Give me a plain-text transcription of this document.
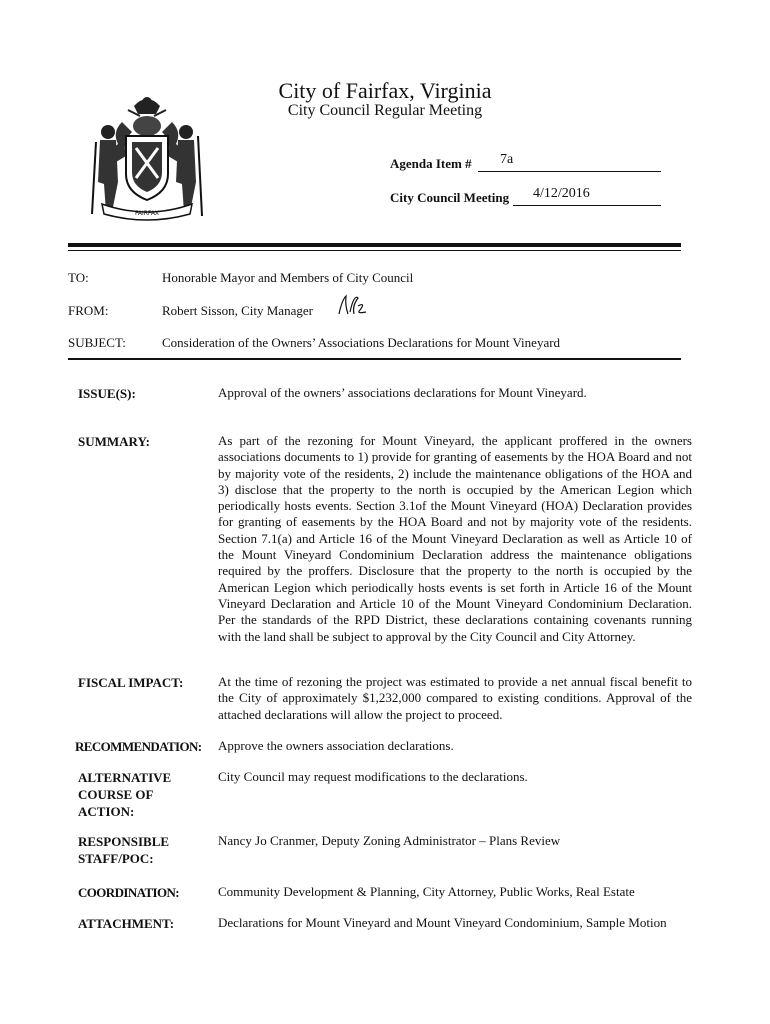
City of Fairfax, Virginia
City Council Regular Meeting
FAIRFAX
Agenda Item # 7a
City Council Meeting 4/12/2016
TO:	Honorable Mayor and Members of City Council
FROM:	Robert Sisson, City Manager
SUBJECT:	Consideration of the Owners’ Associations Declarations for Mount Vineyard
ISSUE(S):	Approval of the owners’ associations declarations for Mount Vineyard.
SUMMARY:	As part of the rezoning for Mount Vineyard, the applicant proffered in the owners associations documents to 1) provide for granting of easements by the HOA Board and not by majority vote of the residents, 2) include the maintenance obligations of the HOA and 3) disclose that the property to the north is occupied by the American Legion which periodically hosts events. Section 3.1of the Mount Vineyard (HOA) Declaration provides for granting of easements by the HOA Board and not by majority vote of the residents. Section 7.1(a) and Article 16 of the Mount Vineyard Declaration as well as Article 10 of the Mount Vineyard Condominium Declaration address the maintenance obligations required by the proffers. Disclosure that the property to the north is occupied by the American Legion which periodically hosts events is set forth in Article 16 of the Mount Vineyard Declaration and Article 10 of the Mount Vineyard Condominium Declaration. Per the standards of the RPD District, these declarations containing covenants running with the land shall be subject to approval by the City Council and City Attorney.
FISCAL IMPACT:	At the time of rezoning the project was estimated to provide a net annual fiscal benefit to the City of approximately $1,232,000 compared to existing conditions. Approval of the attached declarations will allow the project to proceed.
RECOMMENDATION: Approve the owners association declarations.
ALTERNATIVE
COURSE OF
ACTION:
City Council may request modifications to the declarations.
RESPONSIBLE
STAFF/POC:
Nancy Jo Cranmer, Deputy Zoning Administrator – Plans Review
COORDINATION:	Community Development & Planning, City Attorney, Public Works, Real Estate
ATTACHMENT:	Declarations for Mount Vineyard and Mount Vineyard Condominium, Sample Motion
